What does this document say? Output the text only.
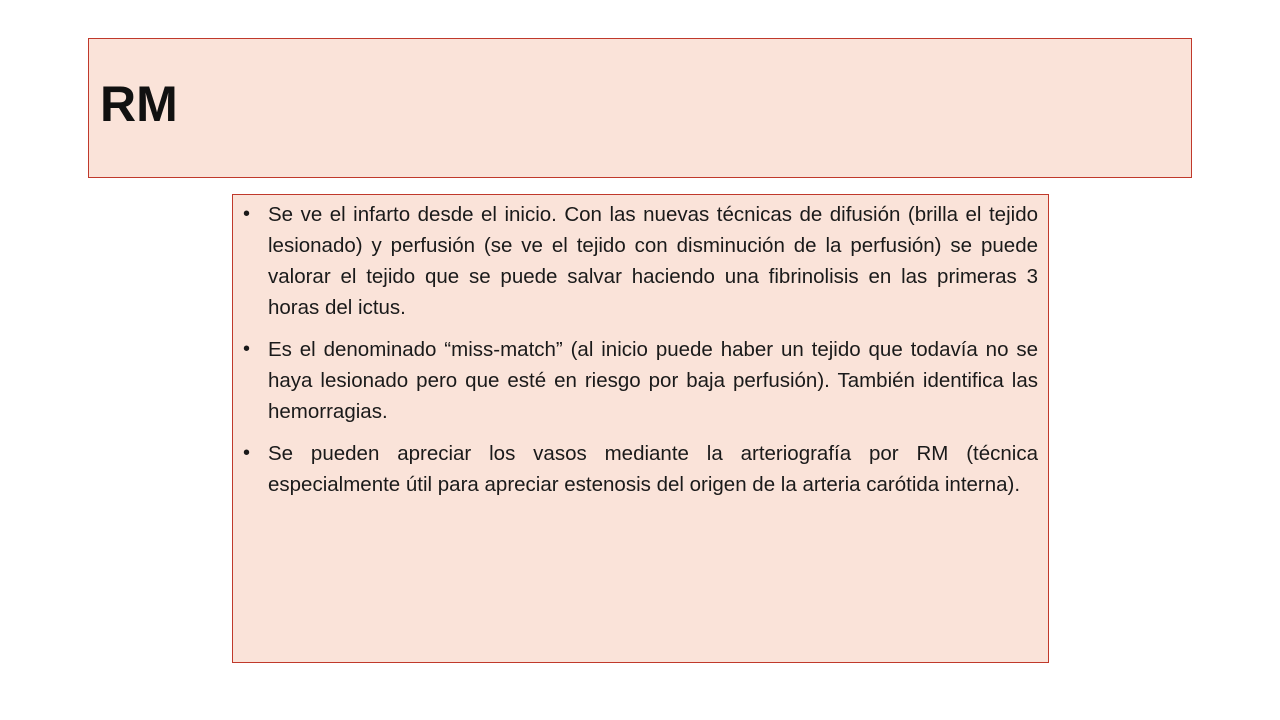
RM
• Se ve el infarto desde el inicio. Con las nuevas técnicas de difusión (brilla el tejido lesionado) y perfusión (se ve el tejido con disminución de la perfusión) se puede valorar el tejido que se puede salvar haciendo una fibrinolisis en las primeras 3 horas del ictus.
• Es el denominado “miss-match” (al inicio puede haber un tejido que todavía no se haya lesionado pero que esté en riesgo por baja perfusión). También identifica las hemorragias.
• Se pueden apreciar los vasos mediante la arteriografía por RM (técnica especialmente útil para apreciar estenosis del origen de la arteria carótida interna).
